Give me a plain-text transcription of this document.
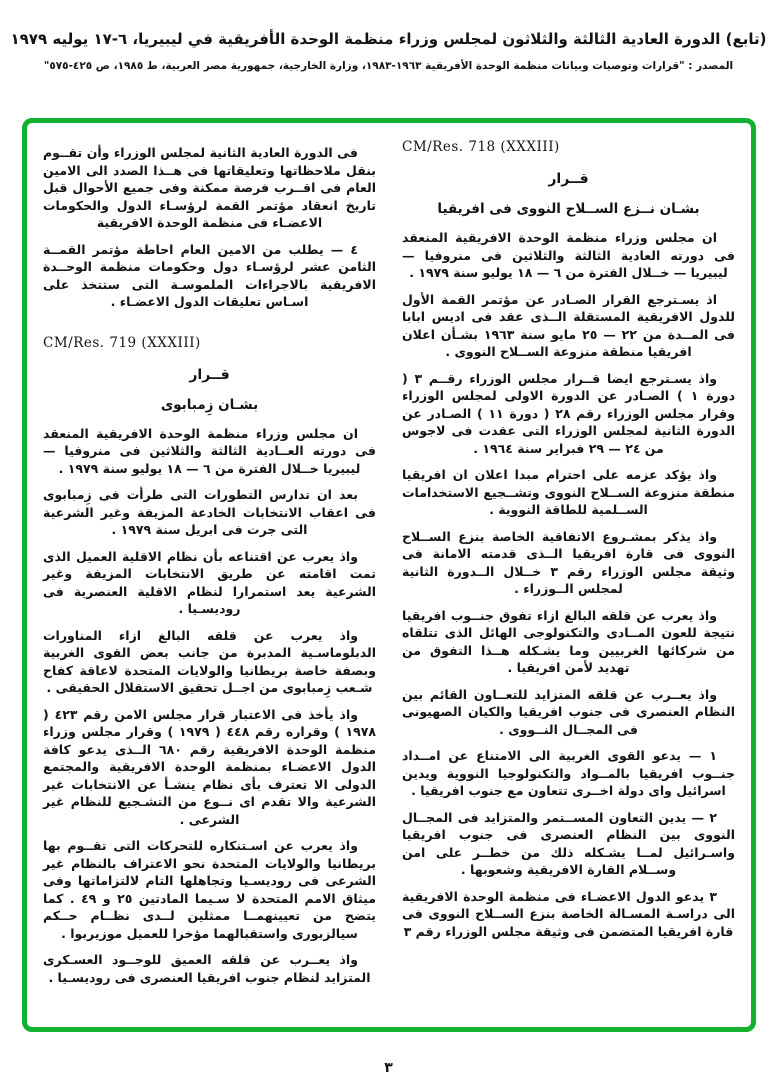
(تابع) الدورة العادية الثالثة والثلاثون لمجلس وزراء منظمة الوحدة الأفريقية في ليبيريا، ٦-١٧ يوليه ١٩٧٩
المصدر : "قرارات وتوصيات وبيانات منظمة الوحدة الأفريقية ١٩٦٣-١٩٨٣، وزارة الخارجية، جمهورية مصر العربية، ط ١٩٨٥، ص ٤٢٥-٥٧٥"
CM/Res. 718 (XXXIII)
قــرار
بشـان نــزع الســلاح النووى فى افريقيا

ان مجلس وزراء منظمة الوحدة الافريقية المنعقد فى دورته العادية الثالثة والثلاثين فى منروفيا — ليبيريا — خــلال الفترة من ٦ — ١٨ يوليو سنة ١٩٧٩ .

اذ يسـترجع القرار الصـادر عن مؤتمر القمة الأول للدول الافريقية المستقلة الــذى عقد فى اديس ابابا فى المــدة من ٢٢ — ٢٥ مايو سنة ١٩٦٣ بشـأن اعلان افريقيا منطقة منزوعة الســلاح النووى .

واذ يسـترجع ايضا قــرار مجلس الوزراء رقــم ٣ ( دورة ١ ) الصـادر عن الدورة الاولى لمجلس الوزراء وقرار مجلس الوزراء رقم ٢٨ ( دورة ١١ ) الصـادر عن الدورة الثانية لمجلس الوزراء التى عقدت فى لاجوس من ٢٤ — ٢٩ فبراير سنة ١٩٦٤ .

واذ يؤكد عزمه على احترام مبدا اعلان ان افريقيا منطقة منزوعة الســلاح النووى وتشــجيع الاستخدامات الســلمية للطاقة النووية .

واذ يذكر بمشـروع الاتفاقية الخاصة بنزع الســلاح النووى فى قارة افريقيا الــذى قدمته الامانة فى وثيقة مجلس الوزراء رقم ٣ خــلال الــدورة الثانية لمجلس الــوزراء .

واذ يعرب عن قلقه البالغ ازاء تفوق جنــوب افريقيا نتيجة للعون المــادى والتكنولوجى الهائل الذى تتلقاه من شركائها الغربيين وما يشـكله هــذا التفوق من تهديد لأمن افريقيا .

واذ يعــرب عن قلقه المتزايد للتعــاون القائم بين النظام العنصرى فى جنوب افريقيا والكيان الصهيونى فى المجــال النــووى .

١ — يدعو القوى الغربية الى الامتناع عن امــداد جنــوب افريقيا بالمــواد والتكنولوجيا النووية ويدين اسرائيل واى دولة اخــرى تتعاون مع جنوب افريقيا .

٢ — يدين التعاون المســتمر والمتزايد فى المجــال النووى بين النظام العنصرى فى جنوب افريقيا واسـرائيل لمــا يشـكله ذلك من خطــر على امن وســلام القارة الافريقية وشعوبها .

٣ يدعو الدول الاعضـاء فى منظمة الوحدة الافريقية الى دراسـة المسـالة الخاصة بنزع الســلاح النووى فى قارة افريقيا المتضمن فى وثيقة مجلس الوزراء رقم ٣

فى الدورة العادية الثانية لمجلس الوزراء وأن تقــوم بنقل ملاحظاتها وتعليقاتها فى هــذا الصدد الى الامين العام فى اقــرب فرصة ممكنة وفى جميع الأحوال قبل تاريخ انعقاد مؤتمر القمة لرؤسـاء الدول والحكومات الاعضـاء فى منظمة الوحدة الافريقية

٤ — يطلب من الامين العام احاطة مؤتمر القمــة الثامن عشر لرؤسـاء دول وحكومات منظمة الوحــدة الافريقية بالاجراءات الملموسـة التى ستتخذ على اسـاس تعليقات الدول الاعضـاء .

CM/Res. 719 (XXXIII)
قــرار
بشـان زِمبابوى

ان مجلس وزراء منظمة الوحدة الافريقية المنعقد فى دورته العــادية الثالثة والثلاثين فى منروفيا — ليبيريا خــلال الفترة من ٦ — ١٨ يوليو سنة ١٩٧٩ .

بعد ان تدارس التطورات التى طرأت فى زِمبابوى فى اعقاب الانتخابات الخادعة المزيفة وغير الشرعية التى جرت فى ابريل سنة ١٩٧٩ .

واذ يعرب عن اقتناعه بأن نظام الاقلية العميل الذى تمت اقامته عن طريق الانتخابات المزيفة وغير الشرعية يعد استمرارا لنظام الاقلية العنصرية فى روديسـيا .

واذ يعرب عن قلقه البالغ ازاء المناورات الدبلوماسـية المدبرة من جانب بعض القوى الغربية وبصفة خاصة بريطانيا والولايات المتحدة لاعاقة كفاح شـعب زِمبابوى من اجــل تحقيق الاستقلال الحقيقى .

واذ يأخذ فى الاعتبار قرار مجلس الامن رقم ٤٢٣ ( ١٩٧٨ ) وقراره رقم ٤٤٨ ( ١٩٧٩ ) وقرار مجلس وزراء منظمة الوحدة الافريقية رقم ٦٨٠ الــذى يدعو كافة الدول الاعضـاء بمنظمة الوحدة الافريقية والمجتمع الدولى الا تعترف بأى نظام ينشـأ عن الانتخابات غير الشرعية والا تقدم اى نــوع من التشـجيع للنظام غير الشرعى .

واذ يعرب عن اسـتنكاره للتحركات التى تقــوم بها بريطانيا والولايات المتحدة نحو الاعتراف بالنظام غير الشرعى فى روديسـيا وتجاهلها التام لالتزاماتها وفى ميثاق الامم المتحدة لا سـيما المادتين ٢٥ و ٤٩ . كما يتضح من تعيينهمــا ممثلين لــدى نظــام حــكم سيالزبورى واستقبالهما مؤخرا للعميل موزيربوا .

واذ يعــرب عن قلقه العميق للوجــود العسـكرى المتزايد لنظام جنوب افريقيا العنصرى فى روديسـيا .

٣
